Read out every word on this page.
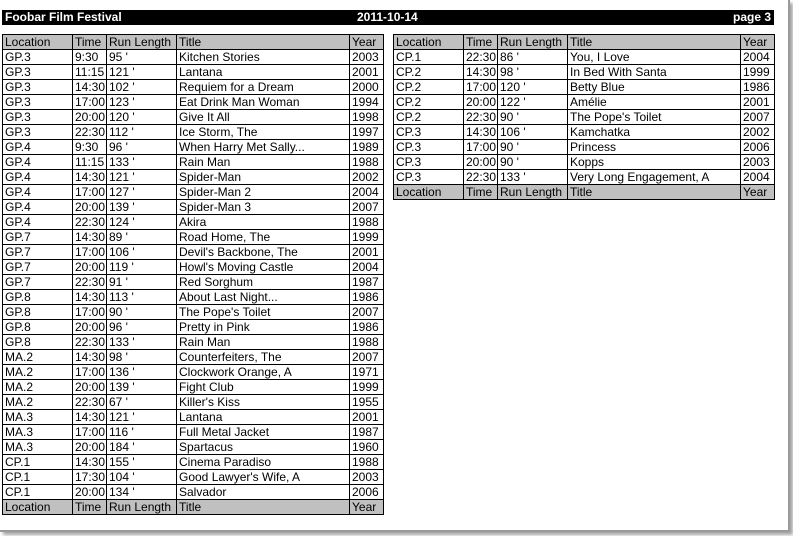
Foobar Film Festival	2011-10-14	page 3
Location	Time	Run Length	Title	Year
GP.3	9:30	95 '	Kitchen Stories	2003
GP.3	11:15	121 '	Lantana	2001
GP.3	14:30	102 '	Requiem for a Dream	2000
GP.3	17:00	123 '	Eat Drink Man Woman	1994
GP.3	20:00	120 '	Give It All	1998
GP.3	22:30	112 '	Ice Storm, The	1997
GP.4	9:30	96 '	When Harry Met Sally...	1989
GP.4	11:15	133 '	Rain Man	1988
GP.4	14:30	121 '	Spider-Man	2002
GP.4	17:00	127 '	Spider-Man 2	2004
GP.4	20:00	139 '	Spider-Man 3	2007
GP.4	22:30	124 '	Akira	1988
GP.7	14:30	89 '	Road Home, The	1999
GP.7	17:00	106 '	Devil's Backbone, The	2001
GP.7	20:00	119 '	Howl's Moving Castle	2004
GP.7	22:30	91 '	Red Sorghum	1987
GP.8	14:30	113 '	About Last Night...	1986
GP.8	17:00	90 '	The Pope's Toilet	2007
GP.8	20:00	96 '	Pretty in Pink	1986
GP.8	22:30	133 '	Rain Man	1988
MA.2	14:30	98 '	Counterfeiters, The	2007
MA.2	17:00	136 '	Clockwork Orange, A	1971
MA.2	20:00	139 '	Fight Club	1999
MA.2	22:30	67 '	Killer's Kiss	1955
MA.3	14:30	121 '	Lantana	2001
MA.3	17:00	116 '	Full Metal Jacket	1987
MA.3	20:00	184 '	Spartacus	1960
CP.1	14:30	155 '	Cinema Paradiso	1988
CP.1	17:30	104 '	Good Lawyer's Wife, A	2003
CP.1	20:00	134 '	Salvador	2006
Location	Time	Run Length	Title	Year
Location	Time	Run Length	Title	Year
CP.1	22:30	86 '	You, I Love	2004
CP.2	14:30	98 '	In Bed With Santa	1999
CP.2	17:00	120 '	Betty Blue	1986
CP.2	20:00	122 '	Amélie	2001
CP.2	22:30	90 '	The Pope's Toilet	2007
CP.3	14:30	106 '	Kamchatka	2002
CP.3	17:00	90 '	Princess	2006
CP.3	20:00	90 '	Kopps	2003
CP.3	22:30	133 '	Very Long Engagement, A	2004
Location	Time	Run Length	Title	Year
